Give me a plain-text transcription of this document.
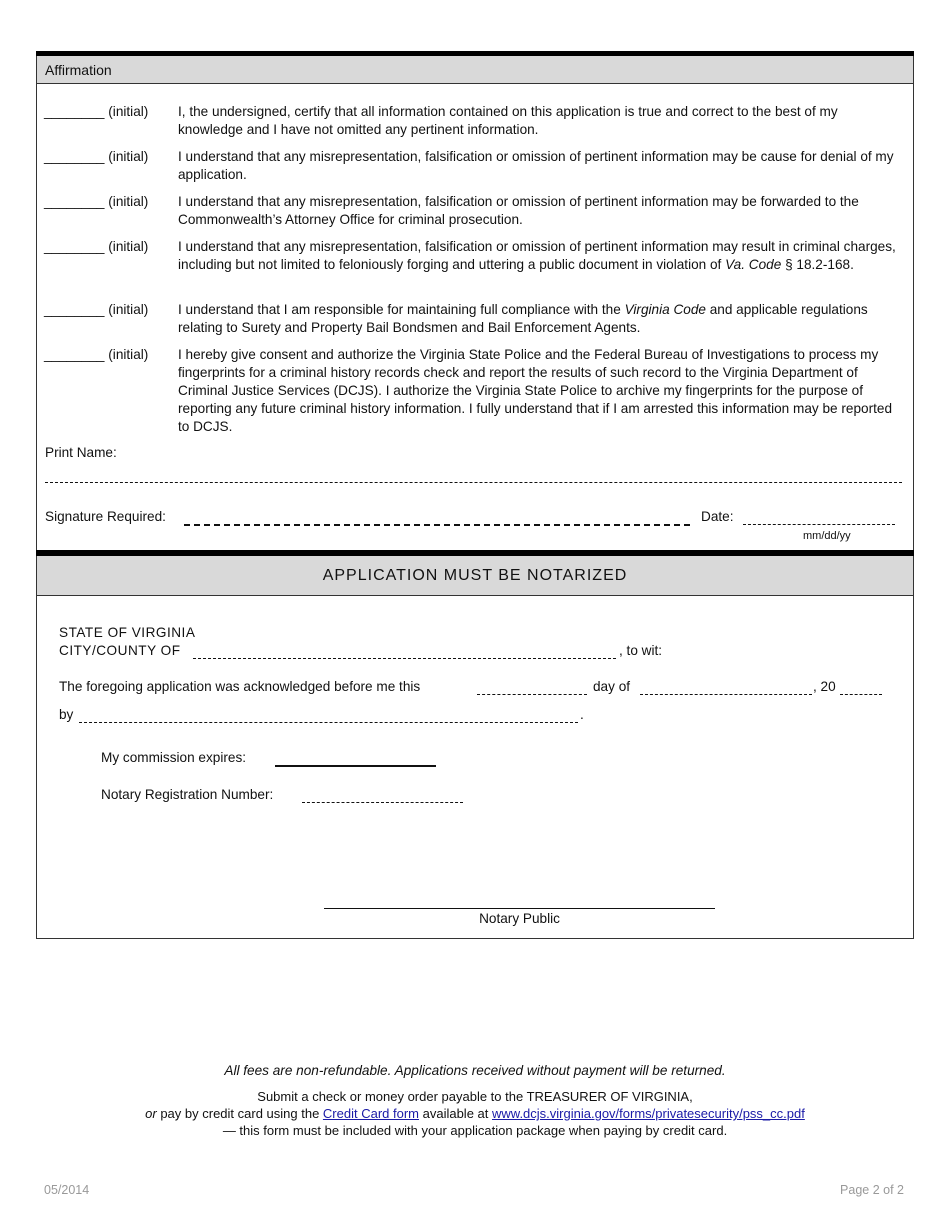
Affirmation
________ (initial) I, the undersigned, certify that all information contained on this application is true and correct to the best of my knowledge and I have not omitted any pertinent information.
________ (initial) I understand that any misrepresentation, falsification or omission of pertinent information may be cause for denial of my application.
________ (initial) I understand that any misrepresentation, falsification or omission of pertinent information may be forwarded to the Commonwealth’s Attorney Office for criminal prosecution.
________ (initial) I understand that any misrepresentation, falsification or omission of pertinent information may result in criminal charges, including but not limited to feloniously forging and uttering a public document in violation of Va. Code § 18.2-168.
________ (initial) I understand that I am responsible for maintaining full compliance with the Virginia Code and applicable regulations relating to Surety and Property Bail Bondsmen and Bail Enforcement Agents.
________ (initial) I hereby give consent and authorize the Virginia State Police and the Federal Bureau of Investigations to process my fingerprints for a criminal history records check and report the results of such record to the Virginia Department of Criminal Justice Services (DCJS). I authorize the Virginia State Police to archive my fingerprints for the purpose of reporting any future criminal history information. I fully understand that if I am arrested this information may be reported to DCJS.
Print Name:
Signature Required:	Date:
mm/dd/yy
APPLICATION MUST BE NOTARIZED
STATE OF VIRGINIA
CITY/COUNTY OF	, to wit:
The foregoing application was acknowledged before me this	day of	, 20
by	.
My commission expires:
Notary Registration Number:
Notary Public
All fees are non-refundable. Applications received without payment will be returned.
Submit a check or money order payable to the TREASURER OF VIRGINIA,
or pay by credit card using the Credit Card form available at www.dcjs.virginia.gov/forms/privatesecurity/pss_cc.pdf
— this form must be included with your application package when paying by credit card.
05/2014	Page 2 of 2
